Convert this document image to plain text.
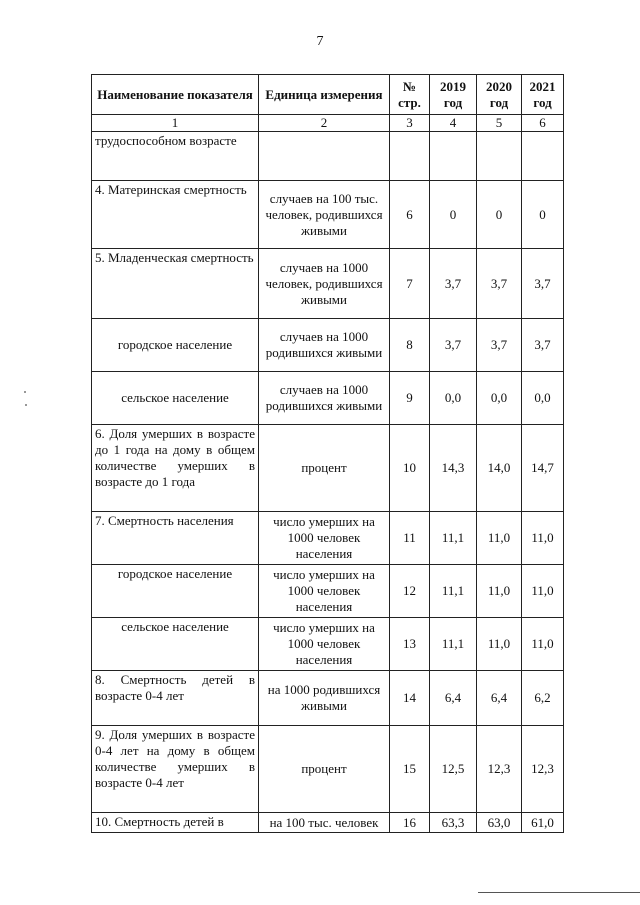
7
Наименование показателя	Единица измерения	№ стр.	2019 год	2020 год	2021 год
1	2	3	4	5	6
трудоспособном возрасте					
4. Материнская смертность	случаев на 100 тыс. человек, родившихся живыми	6	0	0	0
5. Младенческая смертность	случаев на 1000 человек, родившихся живыми	7	3,7	3,7	3,7
городское население	случаев на 1000 родившихся живыми	8	3,7	3,7	3,7
сельское население	случаев на 1000 родившихся живыми	9	0,0	0,0	0,0
6. Доля умерших в возрасте до 1 года на дому в общем количестве умерших в возрасте до 1 года	процент	10	14,3	14,0	14,7
7. Смертность населения	число умерших на 1000 человек населения	11	11,1	11,0	11,0
городское население	число умерших на 1000 человек населения	12	11,1	11,0	11,0
сельское население	число умерших на 1000 человек населения	13	11,1	11,0	11,0
8. Смертность детей в возрасте 0-4 лет	на 1000 родившихся живыми	14	6,4	6,4	6,2
9. Доля умерших в возрасте 0-4 лет на дому в общем количестве умерших в возрасте 0-4 лет	процент	15	12,5	12,3	12,3
10. Смертность детей в	на 100 тыс. человек	16	63,3	63,0	61,0
